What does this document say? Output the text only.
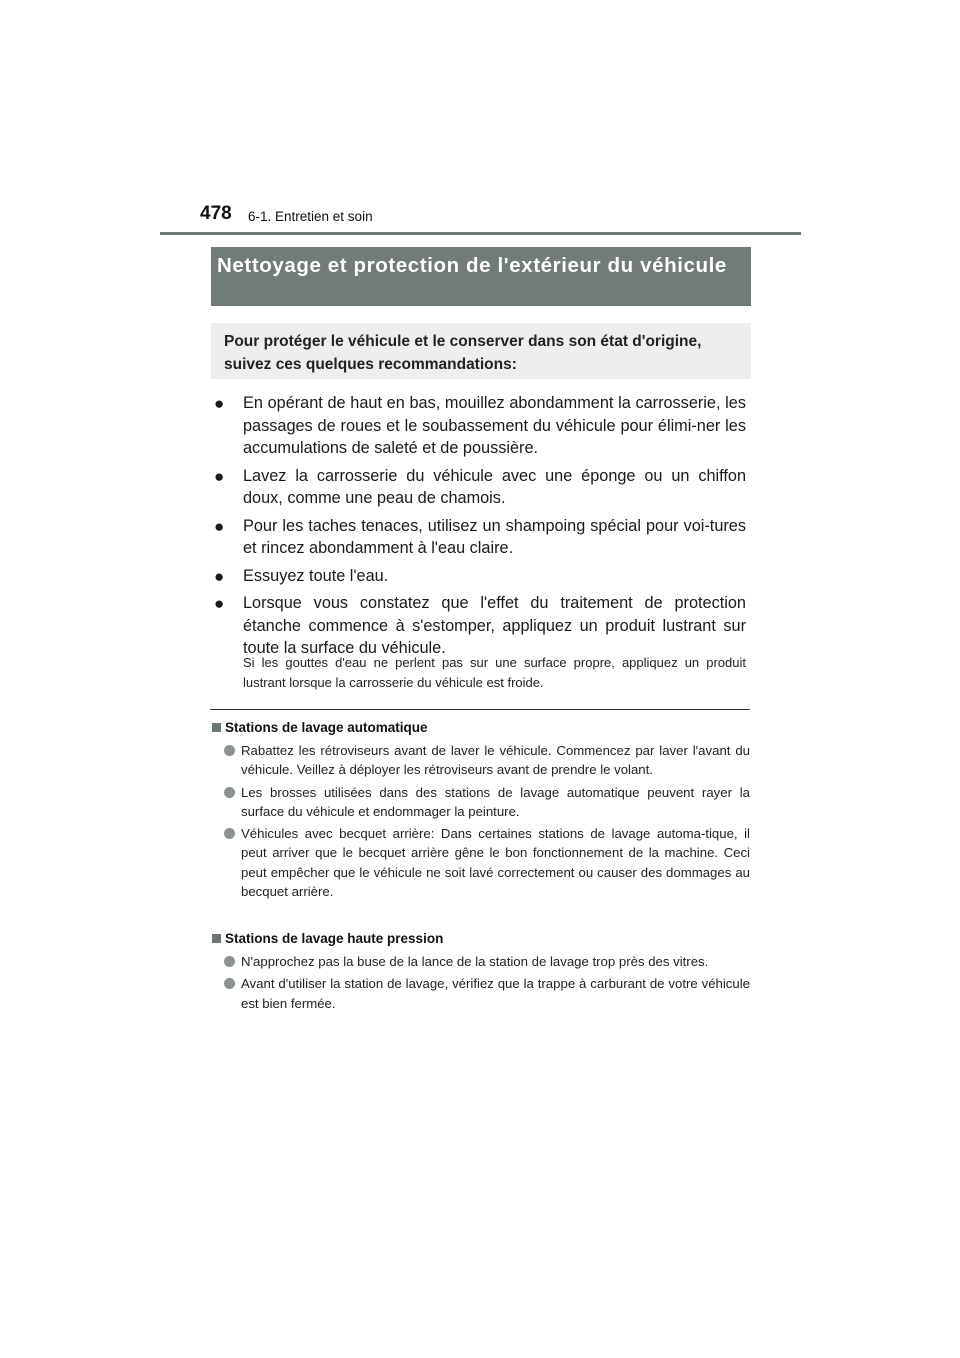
478 6-1. Entretien et soin
Nettoyage et protection de l'extérieur du véhicule
Pour protéger le véhicule et le conserver dans son état d'origine, suivez ces quelques recommandations:
● En opérant de haut en bas, mouillez abondamment la carrosserie, les passages de roues et le soubassement du véhicule pour élimi-ner les accumulations de saleté et de poussière.
● Lavez la carrosserie du véhicule avec une éponge ou un chiffon doux, comme une peau de chamois.
● Pour les taches tenaces, utilisez un shampoing spécial pour voi-tures et rincez abondamment à l'eau claire.
● Essuyez toute l'eau.
● Lorsque vous constatez que l'effet du traitement de protection étanche commence à s'estomper, appliquez un produit lustrant sur toute la surface du véhicule.
Si les gouttes d'eau ne perlent pas sur une surface propre, appliquez un produit lustrant lorsque la carrosserie du véhicule est froide.
Stations de lavage automatique
Rabattez les rétroviseurs avant de laver le véhicule. Commencez par laver l'avant du véhicule. Veillez à déployer les rétroviseurs avant de prendre le volant.
Les brosses utilisées dans des stations de lavage automatique peuvent rayer la surface du véhicule et endommager la peinture.
Véhicules avec becquet arrière: Dans certaines stations de lavage automa-tique, il peut arriver que le becquet arrière gêne le bon fonctionnement de la machine. Ceci peut empêcher que le véhicule ne soit lavé correctement ou causer des dommages au becquet arrière.
Stations de lavage haute pression
N'approchez pas la buse de la lance de la station de lavage trop près des vitres.
Avant d'utiliser la station de lavage, vérifiez que la trappe à carburant de votre véhicule est bien fermée.
